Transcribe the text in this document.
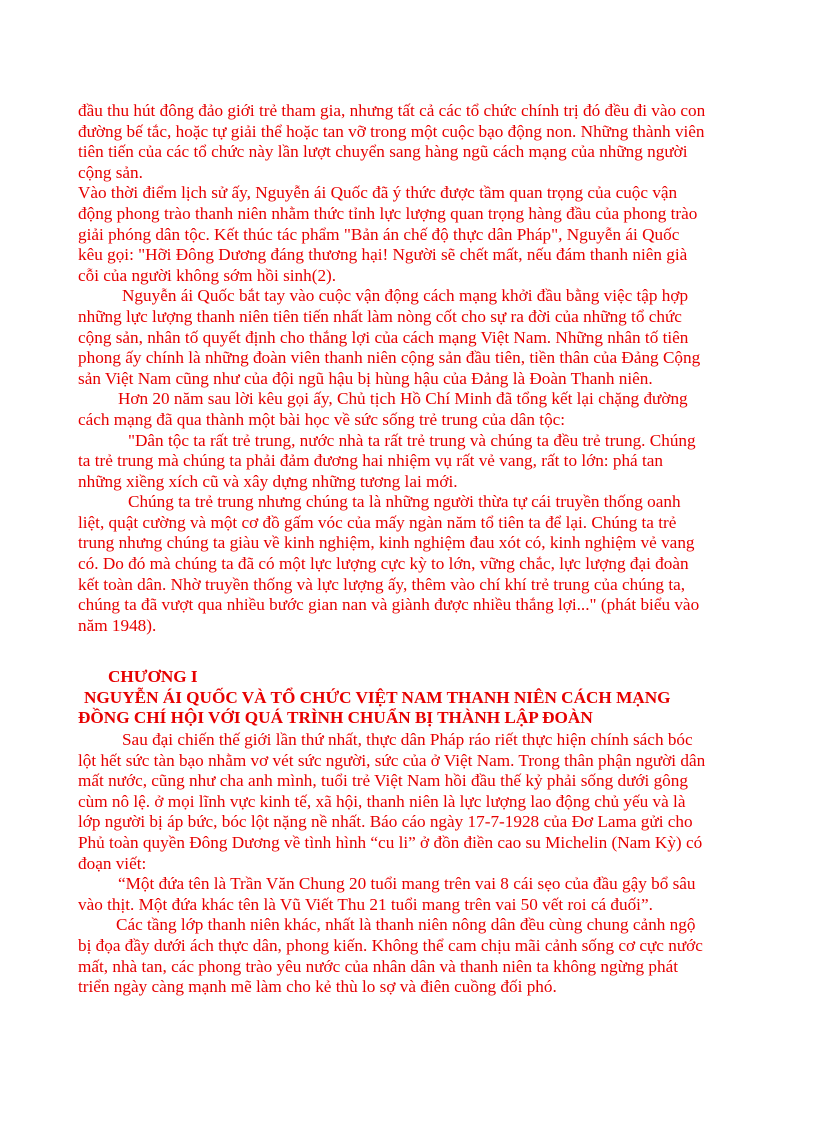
đầu thu hút đông đảo giới trẻ tham gia, nhưng tất cả các tổ chức chính trị đó đều đi vào con
đường bế tắc, hoặc tự giải thể hoặc tan vỡ trong một cuộc bạo động non. Những thành viên
tiên tiến của các tổ chức này lần lượt chuyển sang hàng ngũ cách mạng của những người
cộng sản.
Vào thời điểm lịch sử ấy, Nguyễn ái Quốc đã ý thức được tầm quan trọng của cuộc vận
động phong trào thanh niên nhằm thức tỉnh lực lượng quan trọng hàng đầu của phong trào
giải phóng dân tộc. Kết thúc tác phẩm "Bản án chế độ thực dân Pháp", Nguyễn ái Quốc
kêu gọi: "Hỡi Đông Dương đáng thương hại! Người sẽ chết mất, nếu đám thanh niên già
cỗi của người không sớm hồi sinh(2).
Nguyễn ái Quốc bắt tay vào cuộc vận động cách mạng khởi đầu bằng việc tập hợp
những lực lượng thanh niên tiên tiến nhất làm nòng cốt cho sự ra đời của những tổ chức
cộng sản, nhân tố quyết định cho thắng lợi của cách mạng Việt Nam. Những nhân tố tiên
phong ấy chính là những đoàn viên thanh niên cộng sản đầu tiên, tiền thân của Đảng Cộng
sản Việt Nam cũng như của đội ngũ hậu bị hùng hậu của Đảng là Đoàn Thanh niên.
Hơn 20 năm sau lời kêu gọi ấy, Chủ tịch Hồ Chí Minh đã tổng kết lại chặng đường
cách mạng đã qua thành một bài học về sức sống trẻ trung của dân tộc:
"Dân tộc ta rất trẻ trung, nước nhà ta rất trẻ trung và chúng ta đều trẻ trung. Chúng
ta trẻ trung mà chúng ta phải đảm đương hai nhiệm vụ rất vẻ vang, rất to lớn: phá tan
những xiềng xích cũ và xây dựng những tương lai mới.
Chúng ta trẻ trung nhưng chúng ta là những người thừa tự cái truyền thống oanh
liệt, quật cường và một cơ đồ gấm vóc của mấy ngàn năm tổ tiên ta để lại. Chúng ta trẻ
trung nhưng chúng ta giàu về kinh nghiệm, kinh nghiệm đau xót có, kinh nghiệm vẻ vang
có. Do đó mà chúng ta đã có một lực lượng cực kỳ to lớn, vững chắc, lực lượng đại đoàn
kết toàn dân. Nhờ truyền thống và lực lượng ấy, thêm vào chí khí trẻ trung của chúng ta,
chúng ta đã vượt qua nhiều bước gian nan và giành được nhiều thắng lợi..." (phát biểu vào
năm 1948).
CHƯƠNG I
NGUYỄN ÁI QUỐC VÀ TỔ CHỨC VIỆT NAM THANH NIÊN CÁCH MẠNG
ĐỒNG CHÍ HỘI VỚI QUÁ TRÌNH CHUẨN BỊ THÀNH LẬP ĐOÀN
Sau đại chiến thế giới lần thứ nhất, thực dân Pháp ráo riết thực hiện chính sách bóc
lột hết sức tàn bạo nhằm vơ vét sức người, sức của ở Việt Nam. Trong thân phận người dân
mất nước, cũng như cha anh mình, tuổi trẻ Việt Nam hồi đầu thế kỷ phải sống dưới gông
cùm nô lệ. ở mọi lĩnh vực kinh tế, xã hội, thanh niên là lực lượng lao động chủ yếu và là
lớp người bị áp bức, bóc lột nặng nề nhất. Báo cáo ngày 17-7-1928 của Đơ Lama gửi cho
Phủ toàn quyền Đông Dương về tình hình “cu li” ở đồn điền cao su Michelin (Nam Kỳ) có
đoạn viết:
“Một đứa tên là Trần Văn Chung 20 tuổi mang trên vai 8 cái sẹo của đầu gậy bổ sâu
vào thịt. Một đứa khác tên là Vũ Viết Thu 21 tuổi mang trên vai 50 vết roi cá đuối”.
Các tầng lớp thanh niên khác, nhất là thanh niên nông dân đều cùng chung cảnh ngộ
bị đọa đầy dưới ách thực dân, phong kiến. Không thể cam chịu mãi cảnh sống cơ cực nước
mất, nhà tan, các phong trào yêu nước của nhân dân và thanh niên ta không ngừng phát
triển ngày càng mạnh mẽ làm cho kẻ thù lo sợ và điên cuồng đối phó.
